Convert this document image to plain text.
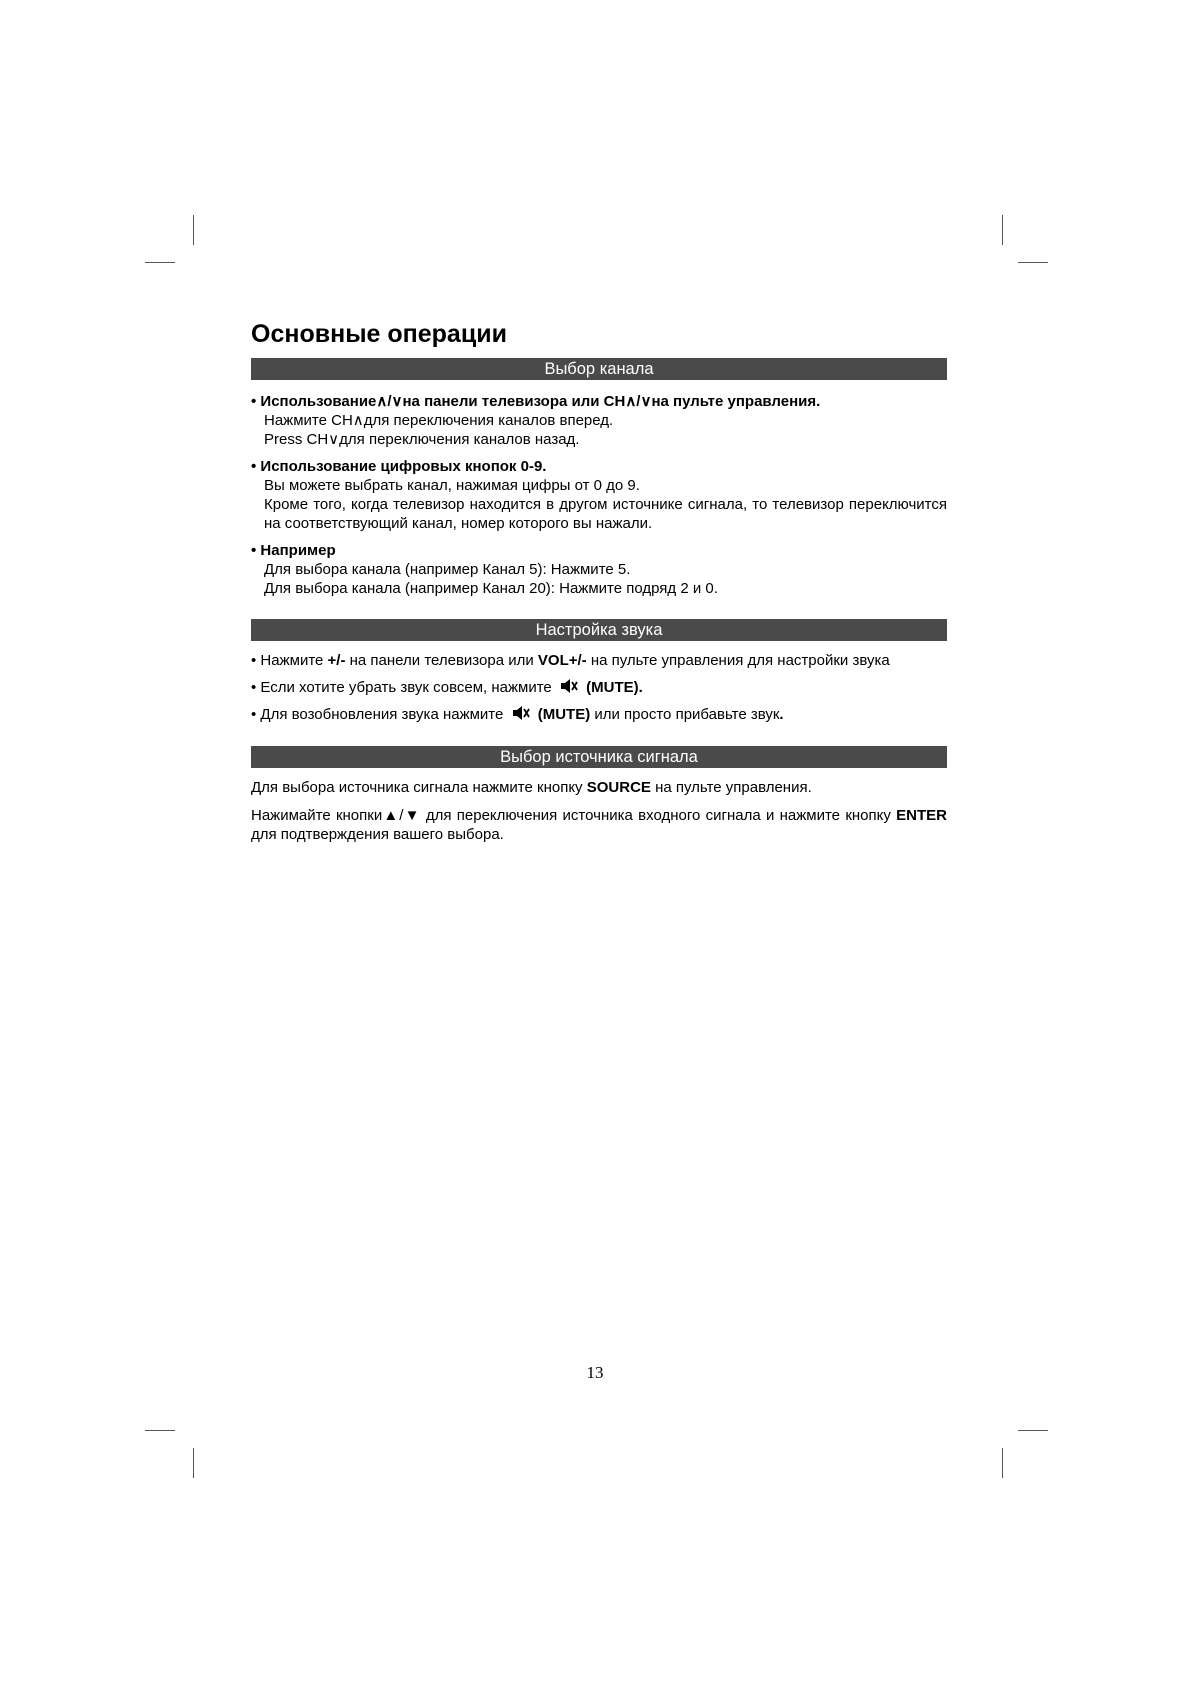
Основные операции
Выбор канала
• Использование∧/∨на панели телевизора или CH∧/∨на пульте управления.
Нажмите CH∧для переключения каналов вперед.
Press CH∨для переключения каналов назад.
• Использование цифровых кнопок 0-9.
Вы можете выбрать канал, нажимая цифры от 0 до 9.
Кроме того, когда телевизор находится в другом источнике сигнала, то телевизор переключится на соответствующий канал, номер которого вы нажали.
• Например
Для выбора канала (например Канал 5): Нажмите 5.
Для выбора канала (например Канал 20): Нажмите подряд 2 и 0.
Настройка звука
• Нажмите +/- на панели телевизора или VOL+/- на пульте управления для настройки звука
• Если хотите убрать звук совсем, нажмите (MUTE).
• Для возобновления звука нажмите (MUTE) или просто прибавьте звук.
Выбор источника сигнала
Для выбора источника сигнала нажмите кнопку SOURCE на пульте управления.
Нажимайте кнопки▲/▼ для переключения источника входного сигнала и нажмите кнопку ENTER для подтверждения вашего выбора.
13
